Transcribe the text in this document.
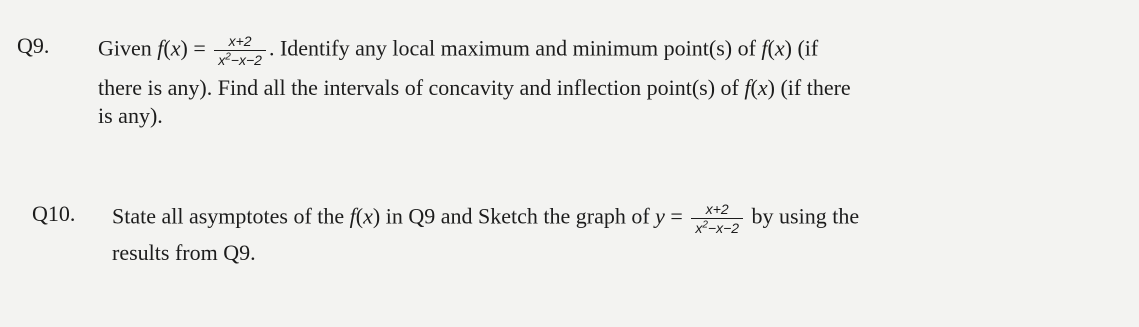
Q9. Given $f(x) = \frac{x+2}{x^2-x-2}$ . Identify any local maximum and minimum point(s) of f(x) (if
there is any). Find all the intervals of concavity and inflection point(s) of f(x) (if there
is any).
Q10. State all asymptotes of the f(x) in Q9 and Sketch the graph of $y = \frac{x+2}{x^2-x-2}$ by using the
results from Q9.
